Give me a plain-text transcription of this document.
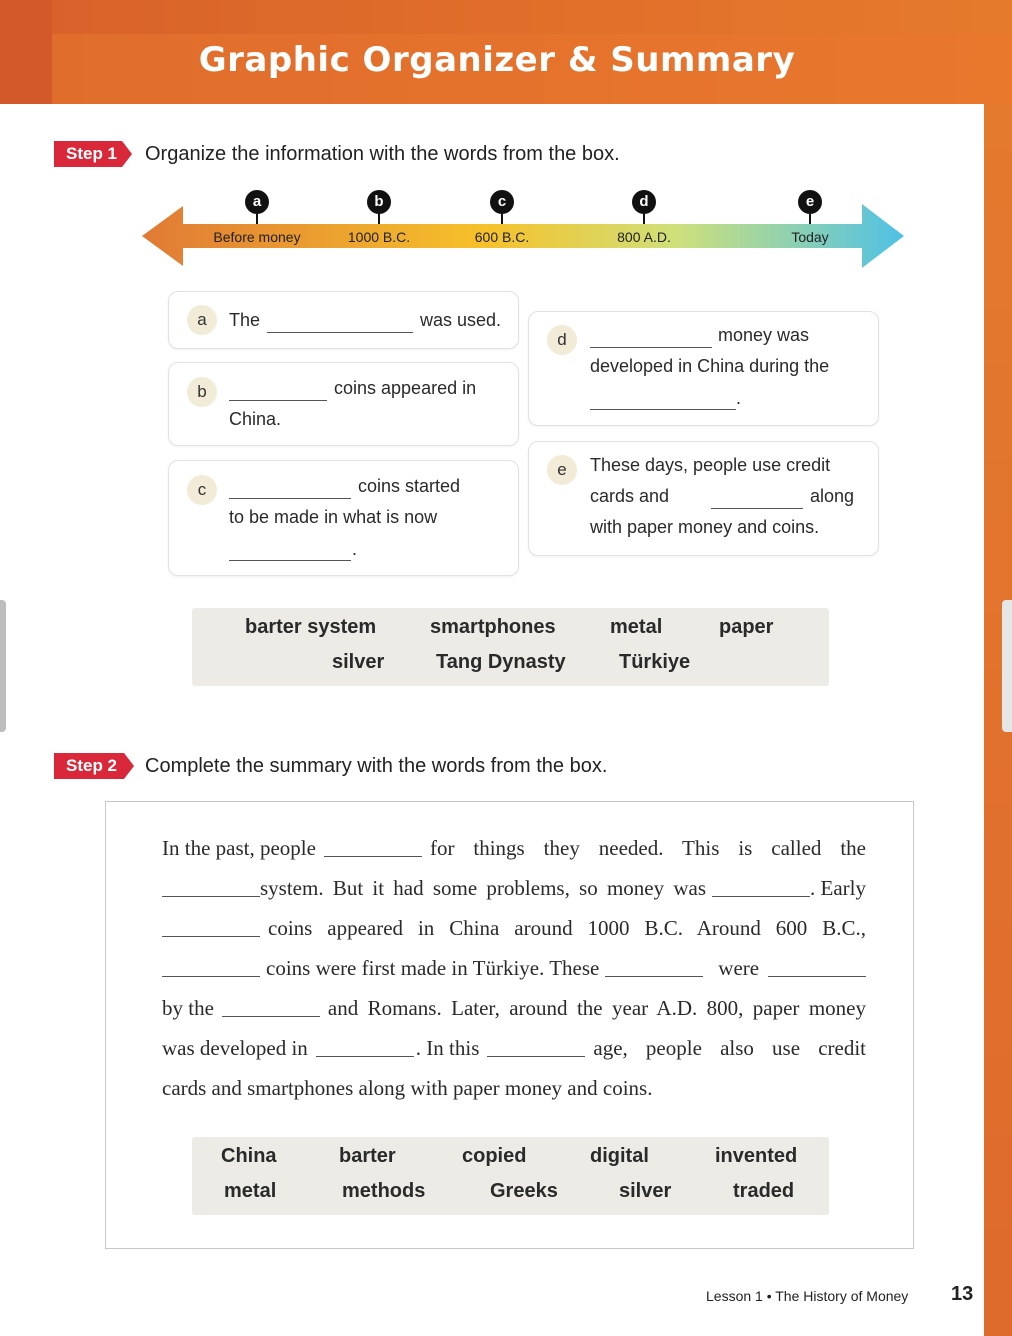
Graphic Organizer & Summary
Step 1 Organize the information with the words from the box.
a
Before money
b
1000 B.C.
c
600 B.C.
d
800 A.D.
e
Today
a	The	was used.
b	coins appeared in
China.
c	coins started
to be made in what is now
.
d	money was
developed in China during the
.
e	These days, people use credit
cards and	along
with paper money and coins.
barter system	smartphones	metal	paper
silver	Tang Dynasty	Türkiye
Step 2	Complete the summary with the words from the box.
In the past, people	for things they needed. This is called the
system. But it had some problems, so money was	. Early
coins appeared in China around 1000 B.C. Around 600 B.C.,
coins were first made in Türkiye. These	were
by the	and Romans. Later, around the year A.D. 800, paper money
was developed in	. In this	age, people also use credit
cards and smartphones along with paper money and coins.
China	barter	copied	digital	invented
metal	methods	Greeks	silver	traded
Lesson 1 • The History of Money 13
